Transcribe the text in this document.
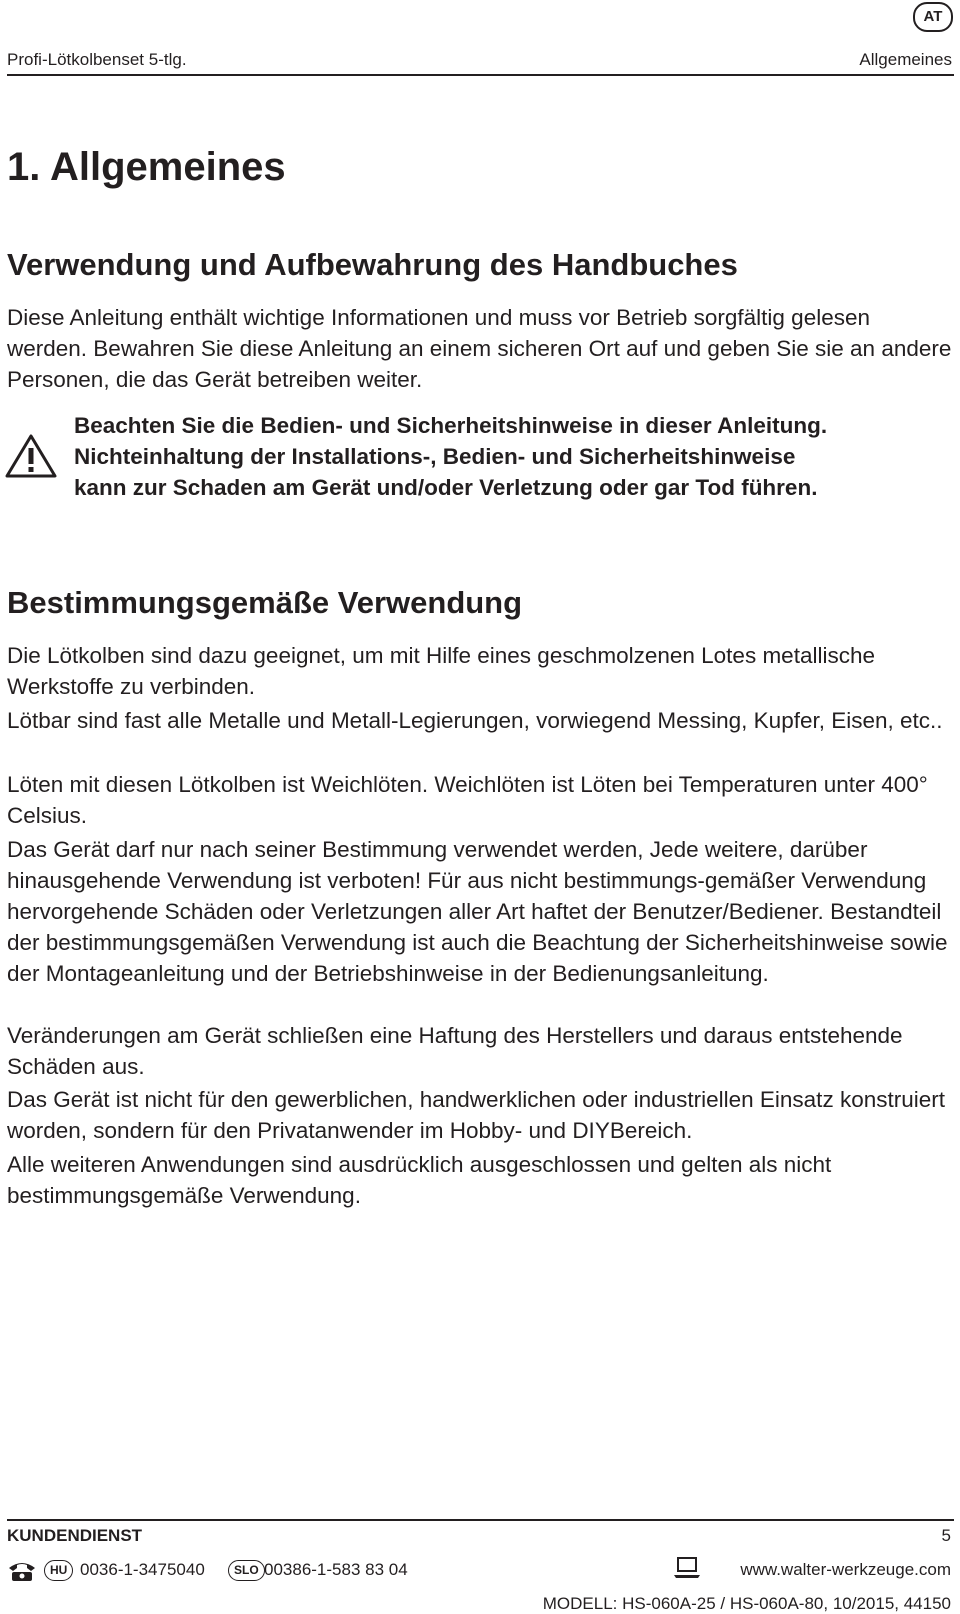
AT
Profi-Lötkolbenset 5-tlg.	Allgemeines
1. Allgemeines
Verwendung und Aufbewahrung des Handbuches

Diese Anleitung enthält wichtige Informationen und muss vor Betrieb sorgfältig gelesen werden. Bewahren Sie diese Anleitung an einem sicheren Ort auf und geben Sie sie an andere Personen, die das Gerät betreiben weiter.

Beachten Sie die Bedien- und Sicherheitshinweise in dieser Anleitung.
Nichteinhaltung der Installations-, Bedien- und Sicherheitshinweise
kann zur Schaden am Gerät und/oder Verletzung oder gar Tod führen.
Bestimmungsgemäße Verwendung

Die Lötkolben sind dazu geeignet, um mit Hilfe eines geschmolzenen Lotes metallische Werkstoffe zu verbinden.

Lötbar sind fast alle Metalle und Metall-Legierungen, vorwiegend Messing, Kupfer, Eisen, etc..

Löten mit diesen Lötkolben ist Weichlöten. Weichlöten ist Löten bei Temperaturen unter 400° Celsius.

Das Gerät darf nur nach seiner Bestimmung verwendet werden, Jede weitere, darüber hinausgehende Verwendung ist verboten! Für aus nicht bestimmungs-gemäßer Verwendung hervorgehende Schäden oder Verletzungen aller Art haftet der Benutzer/Bediener. Bestandteil der bestimmungsgemäßen Verwendung ist auch die Beachtung der Sicherheitshinweise sowie der Montageanleitung und der Betriebshinweise in der Bedienungsanleitung.

Veränderungen am Gerät schließen eine Haftung des Herstellers und daraus entstehende Schäden aus.

Das Gerät ist nicht für den gewerblichen, handwerklichen oder industriellen Einsatz konstruiert worden, sondern für den Privatanwender im Hobby- und DIYBereich.

Alle weiteren Anwendungen sind ausdrücklich ausgeschlossen und gelten als nicht bestimmungsgemäße Verwendung.

KUNDENDIENST	5
HU 0036-1-3475040	SLO 00386-1-583 83 04	www.walter-werkzeuge.com
MODELL: HS-060A-25 / HS-060A-80, 10/2015, 44150
